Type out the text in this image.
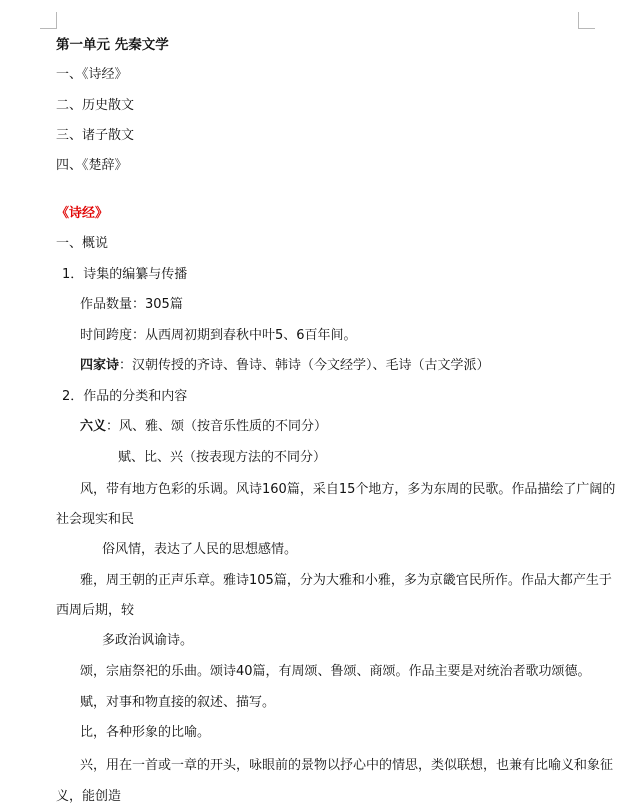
第一单元 先秦文学
一、《诗经》
二、历史散文
三、诸子散文
四、《楚辞》
《诗经》
一、概说
1．诗集的编纂与传播
作品数量：305篇
时间跨度：从西周初期到春秋中叶5、6百年间。
四家诗：汉朝传授的齐诗、鲁诗、韩诗（今文经学）、毛诗（古文学派）
2．作品的分类和内容
六义：风、雅、颂（按音乐性质的不同分）
赋、比、兴（按表现方法的不同分）
风，带有地方色彩的乐调。风诗160篇，采自15个地方，多为东周的民歌。作品描绘了广阔的
社会现实和民
俗风情，表达了人民的思想感情。
雅，周王朝的正声乐章。雅诗105篇，分为大雅和小雅，多为京畿官民所作。作品大都产生于
西周后期，较
多政治讽谕诗。
颂，宗庙祭祀的乐曲。颂诗40篇，有周颂、鲁颂、商颂。作品主要是对统治者歌功颂德。
赋，对事和物直接的叙述、描写。
比，各种形象的比喻。
兴，用在一首或一章的开头，咏眼前的景物以抒心中的情思，类似联想，也兼有比喻义和象征
义，能创造
